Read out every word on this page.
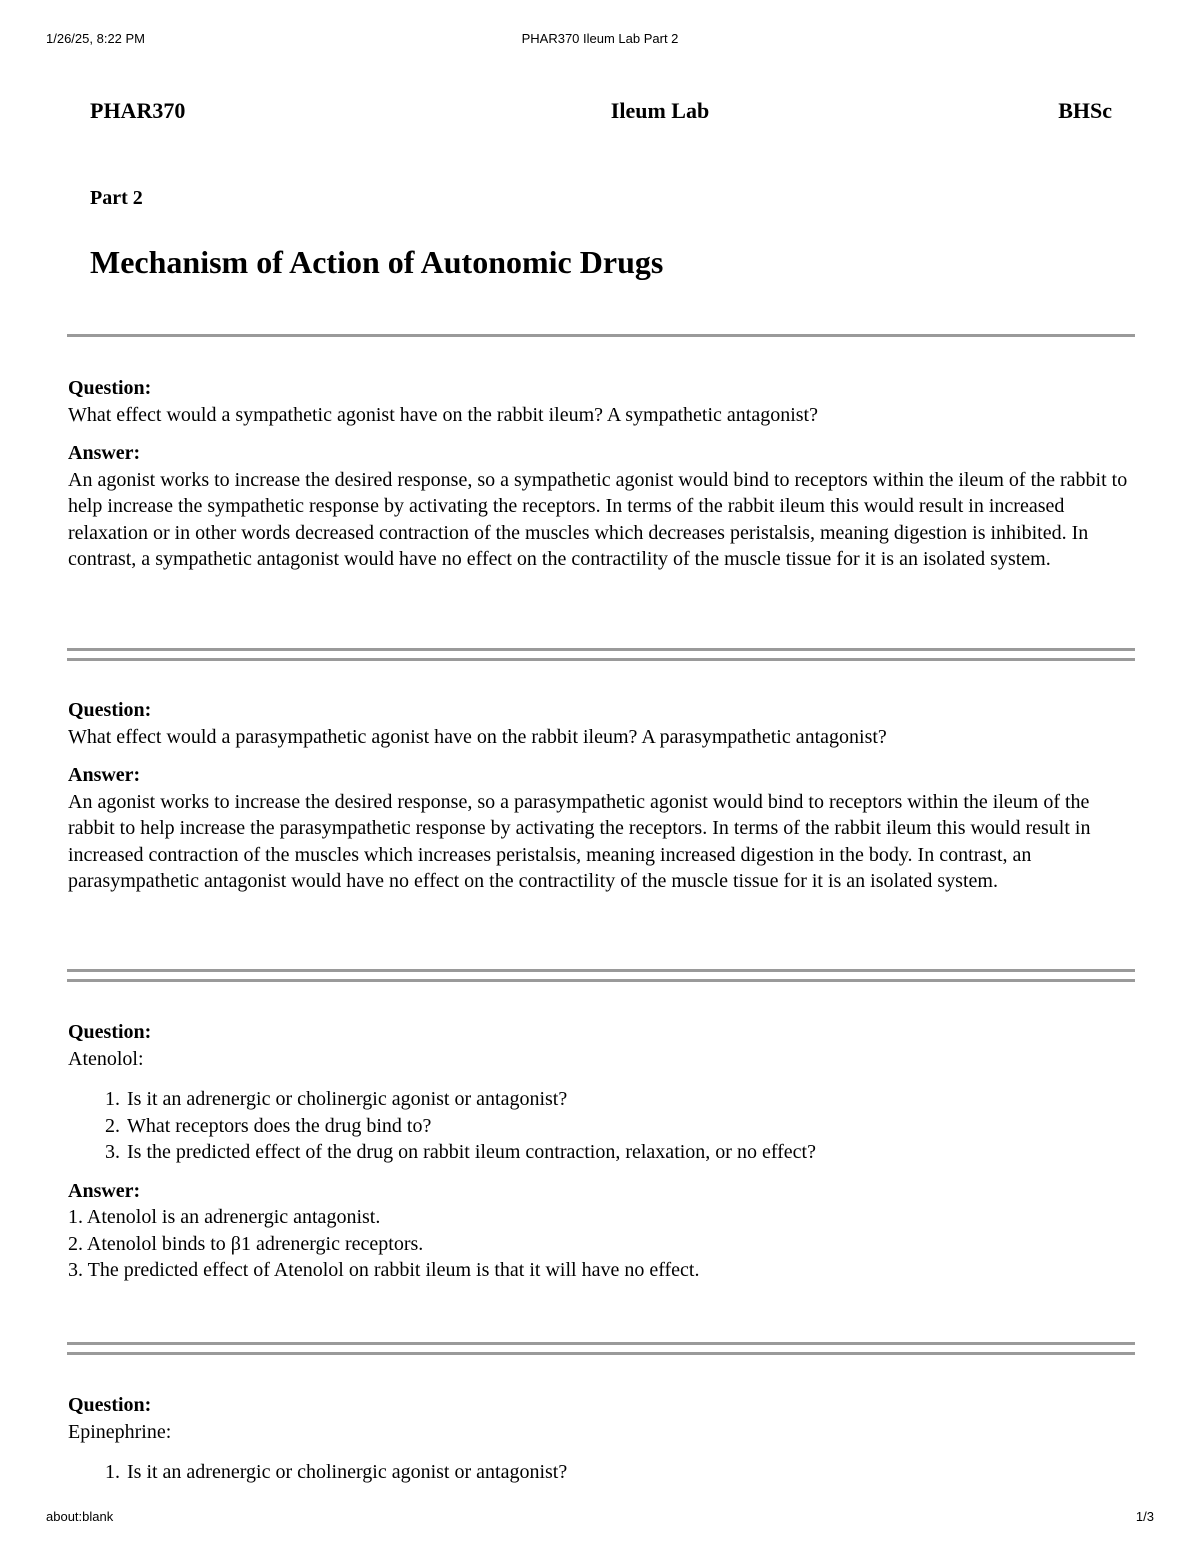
1/26/25, 8:22 PM	PHAR370 Ileum Lab Part 2
PHAR370	Ileum Lab	BHSc
Part 2
Mechanism of Action of Autonomic Drugs
Question:
What effect would a sympathetic agonist have on the rabbit ileum? A sympathetic antagonist?
Answer:
An agonist works to increase the desired response, so a sympathetic agonist would bind to receptors within the ileum of the rabbit to help increase the sympathetic response by activating the receptors. In terms of the rabbit ileum this would result in increased relaxation or in other words decreased contraction of the muscles which decreases peristalsis, meaning digestion is inhibited. In contrast, a sympathetic antagonist would have no effect on the contractility of the muscle tissue for it is an isolated system.
Question:
What effect would a parasympathetic agonist have on the rabbit ileum? A parasympathetic antagonist?
Answer:
An agonist works to increase the desired response, so a parasympathetic agonist would bind to receptors within the ileum of the rabbit to help increase the parasympathetic response by activating the receptors. In terms of the rabbit ileum this would result in increased contraction of the muscles which increases peristalsis, meaning increased digestion in the body. In contrast, an parasympathetic antagonist would have no effect on the contractility of the muscle tissue for it is an isolated system.
Question:
Atenolol:
1. Is it an adrenergic or cholinergic agonist or antagonist?
2. What receptors does the drug bind to?
3. Is the predicted effect of the drug on rabbit ileum contraction, relaxation, or no effect?
Answer:
1. Atenolol is an adrenergic antagonist.
2. Atenolol binds to β1 adrenergic receptors.
3. The predicted effect of Atenolol on rabbit ileum is that it will have no effect.
Question:
Epinephrine:
1. Is it an adrenergic or cholinergic agonist or antagonist?
about:blank	1/3
